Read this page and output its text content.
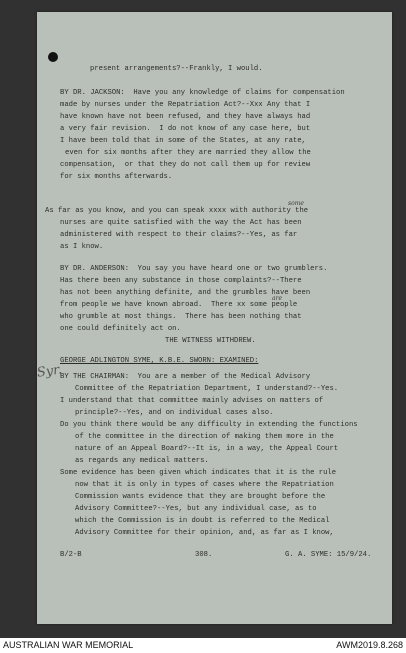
present arrangements?--Frankly, I would.
BY DR. JACKSON:  Have you any knowledge of claims for compensation
made by nurses under the Repatriation Act?--Xxx Any that I
have known have not been refused, and they have always had
a very fair revision.  I do not know of any case here, but
I have been told that in some of the States, at any rate,
even for six months after they are married they allow the
compensation,  or that they do not call them up for review
for six months afterwards.
some
As far as you know, and you can speak xxxx with authority the
nurses are quite satisfied with the way the Act has been
administered with respect to their claims?--Yes, as far
as I know.
BY DR. ANDERSON:  You say you have heard one or two grumblers.
Has there been any substance in those complaints?--There
has not been anything definite, and the grumbles have been
are
from people we have known abroad.  There xx some people
who grumble at most things.  There has been nothing that
one could definitely act on.
THE WITNESS WITHDREW.
Syr.
GEORGE ADLINGTON SYME, K.B.E. SWORN: EXAMINED:
BY THE CHAIRMAN:  You are a member of the Medical Advisory
Committee of the Repatriation Department, I understand?--Yes.
I understand that that committee mainly advises on matters of
principle?--Yes, and on individual cases also.
Do you think there would be any difficulty in extending the functions
of the committee in the direction of making them more in the
nature of an Appeal Board?--It is, in a way, the Appeal Court
as regards any medical matters.
Some evidence has been given which indicates that it is the rule
now that it is only in types of cases where the Repatriation
Commission wants evidence that they are brought before the
Advisory Committee?--Yes, but any individual case, as to
which the Commission is in doubt is referred to the Medical
Advisory Committee for their opinion, and, as far as I know,
B/2-B	308.	G. A. SYME: 15/9/24.
AUSTRALIAN WAR MEMORIAL	AWM2019.8.268
